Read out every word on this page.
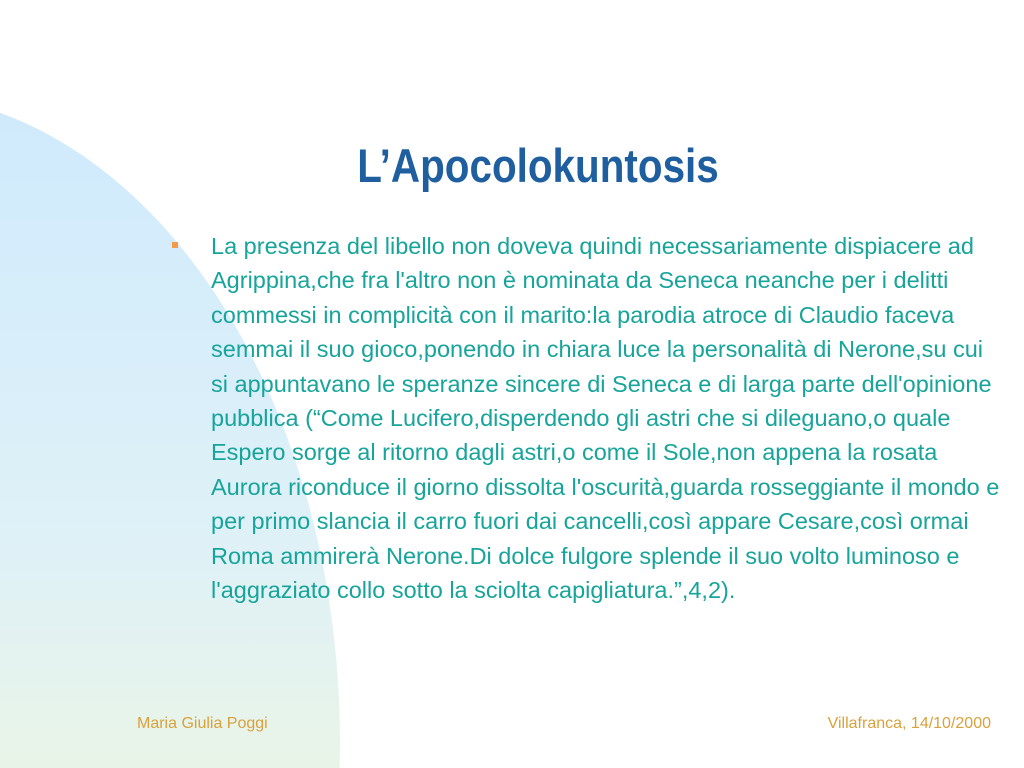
L’Apocolokuntosis

La presenza del libello non doveva quindi necessariamente dispiacere ad Agrippina,che fra l'altro non è nominata da Seneca neanche per i delitti commessi in complicità con il marito:la parodia atroce di Claudio faceva semmai il suo gioco,ponendo in chiara luce la personalità di Nerone,su cui si appuntavano le speranze sincere di Seneca e di larga parte dell'opinione pubblica (“Come Lucifero,disperdendo gli astri che si dileguano,o quale Espero sorge al ritorno dagli astri,o come il Sole,non appena la rosata Aurora riconduce il giorno dissolta l'oscurità,guarda rosseggiante il mondo e per primo slancia il carro fuori dai cancelli,così appare Cesare,così ormai Roma ammirerà Nerone.Di dolce fulgore splende il suo volto luminoso e l'aggraziato collo sotto la sciolta capigliatura.”,4,2).

Maria Giulia Poggi	Villafranca, 14/10/2000
